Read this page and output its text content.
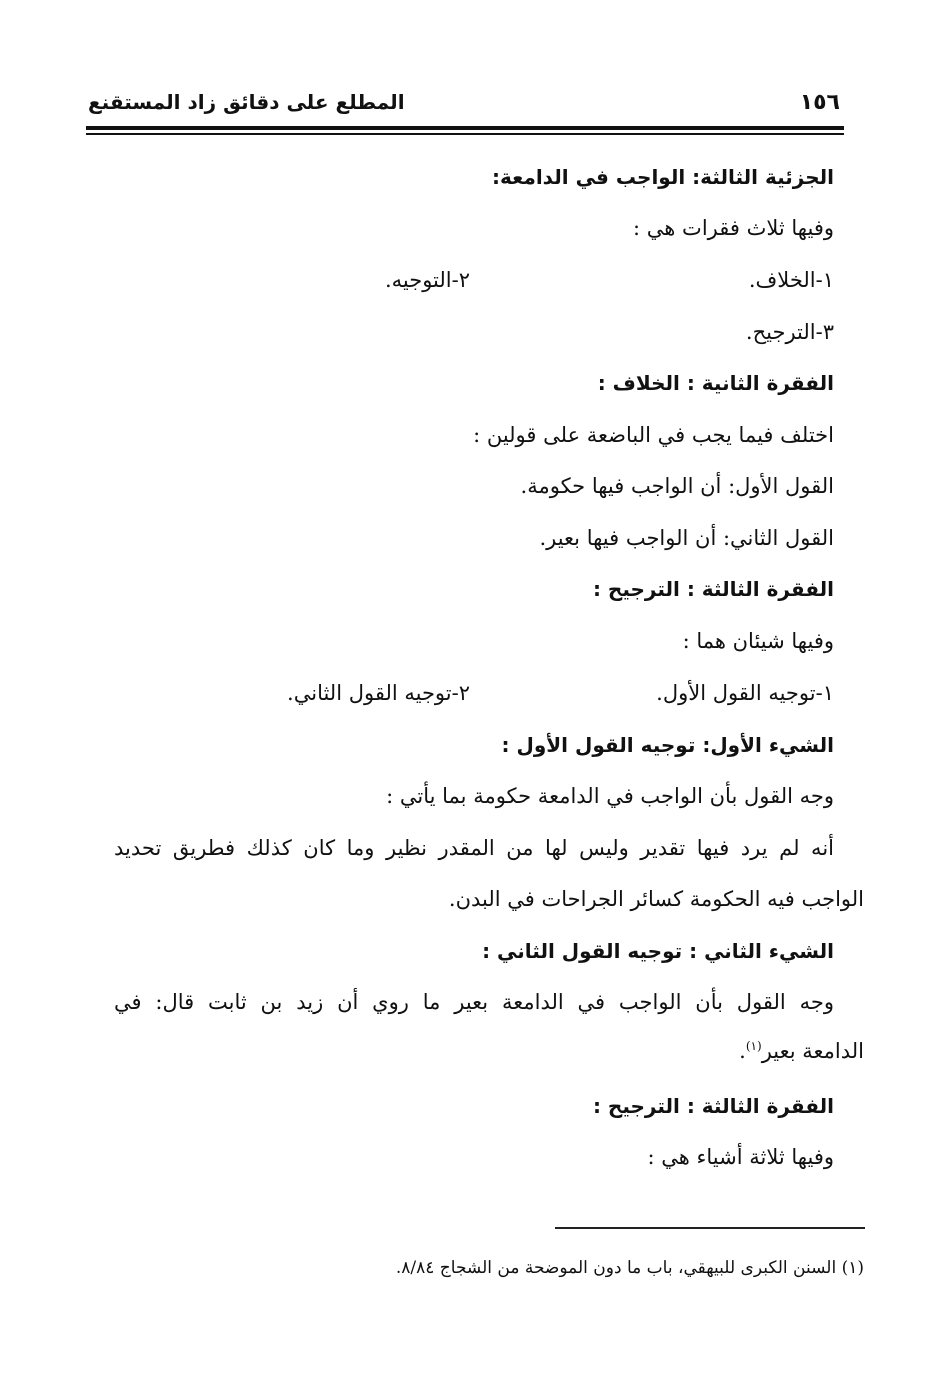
١٥٦
المطلع على دقائق زاد المستقنع
الجزئية الثالثة: الواجب في الدامعة:
وفيها ثلاث فقرات هي :
١-الخلاف.
٢-التوجيه.
٣-الترجيح.
الفقرة الثانية : الخلاف :
اختلف فيما يجب في الباضعة على قولين :
القول الأول: أن الواجب فيها حكومة.
القول الثاني: أن الواجب فيها بعير.
الفقرة الثالثة : الترجيح :
وفيها شيئان هما :
١-توجيه القول الأول.
٢-توجيه القول الثاني.
الشيء الأول: توجيه القول الأول :
وجه القول بأن الواجب في الدامعة حكومة بما يأتي :
أنه لم يرد فيها تقدير وليس لها من المقدر نظير وما كان كذلك فطريق تحديد
الواجب فيه الحكومة كسائر الجراحات في البدن.
الشيء الثاني : توجيه القول الثاني :
وجه القول بأن الواجب في الدامعة بعير ما روي أن زيد بن ثابت قال: في
الدامعة بعير$^{(١)}$.
الفقرة الثالثة : الترجيح :
وفيها ثلاثة أشياء هي :
(١) السنن الكبرى للبيهقي، باب ما دون الموضحة من الشجاج ٨/٨٤.
